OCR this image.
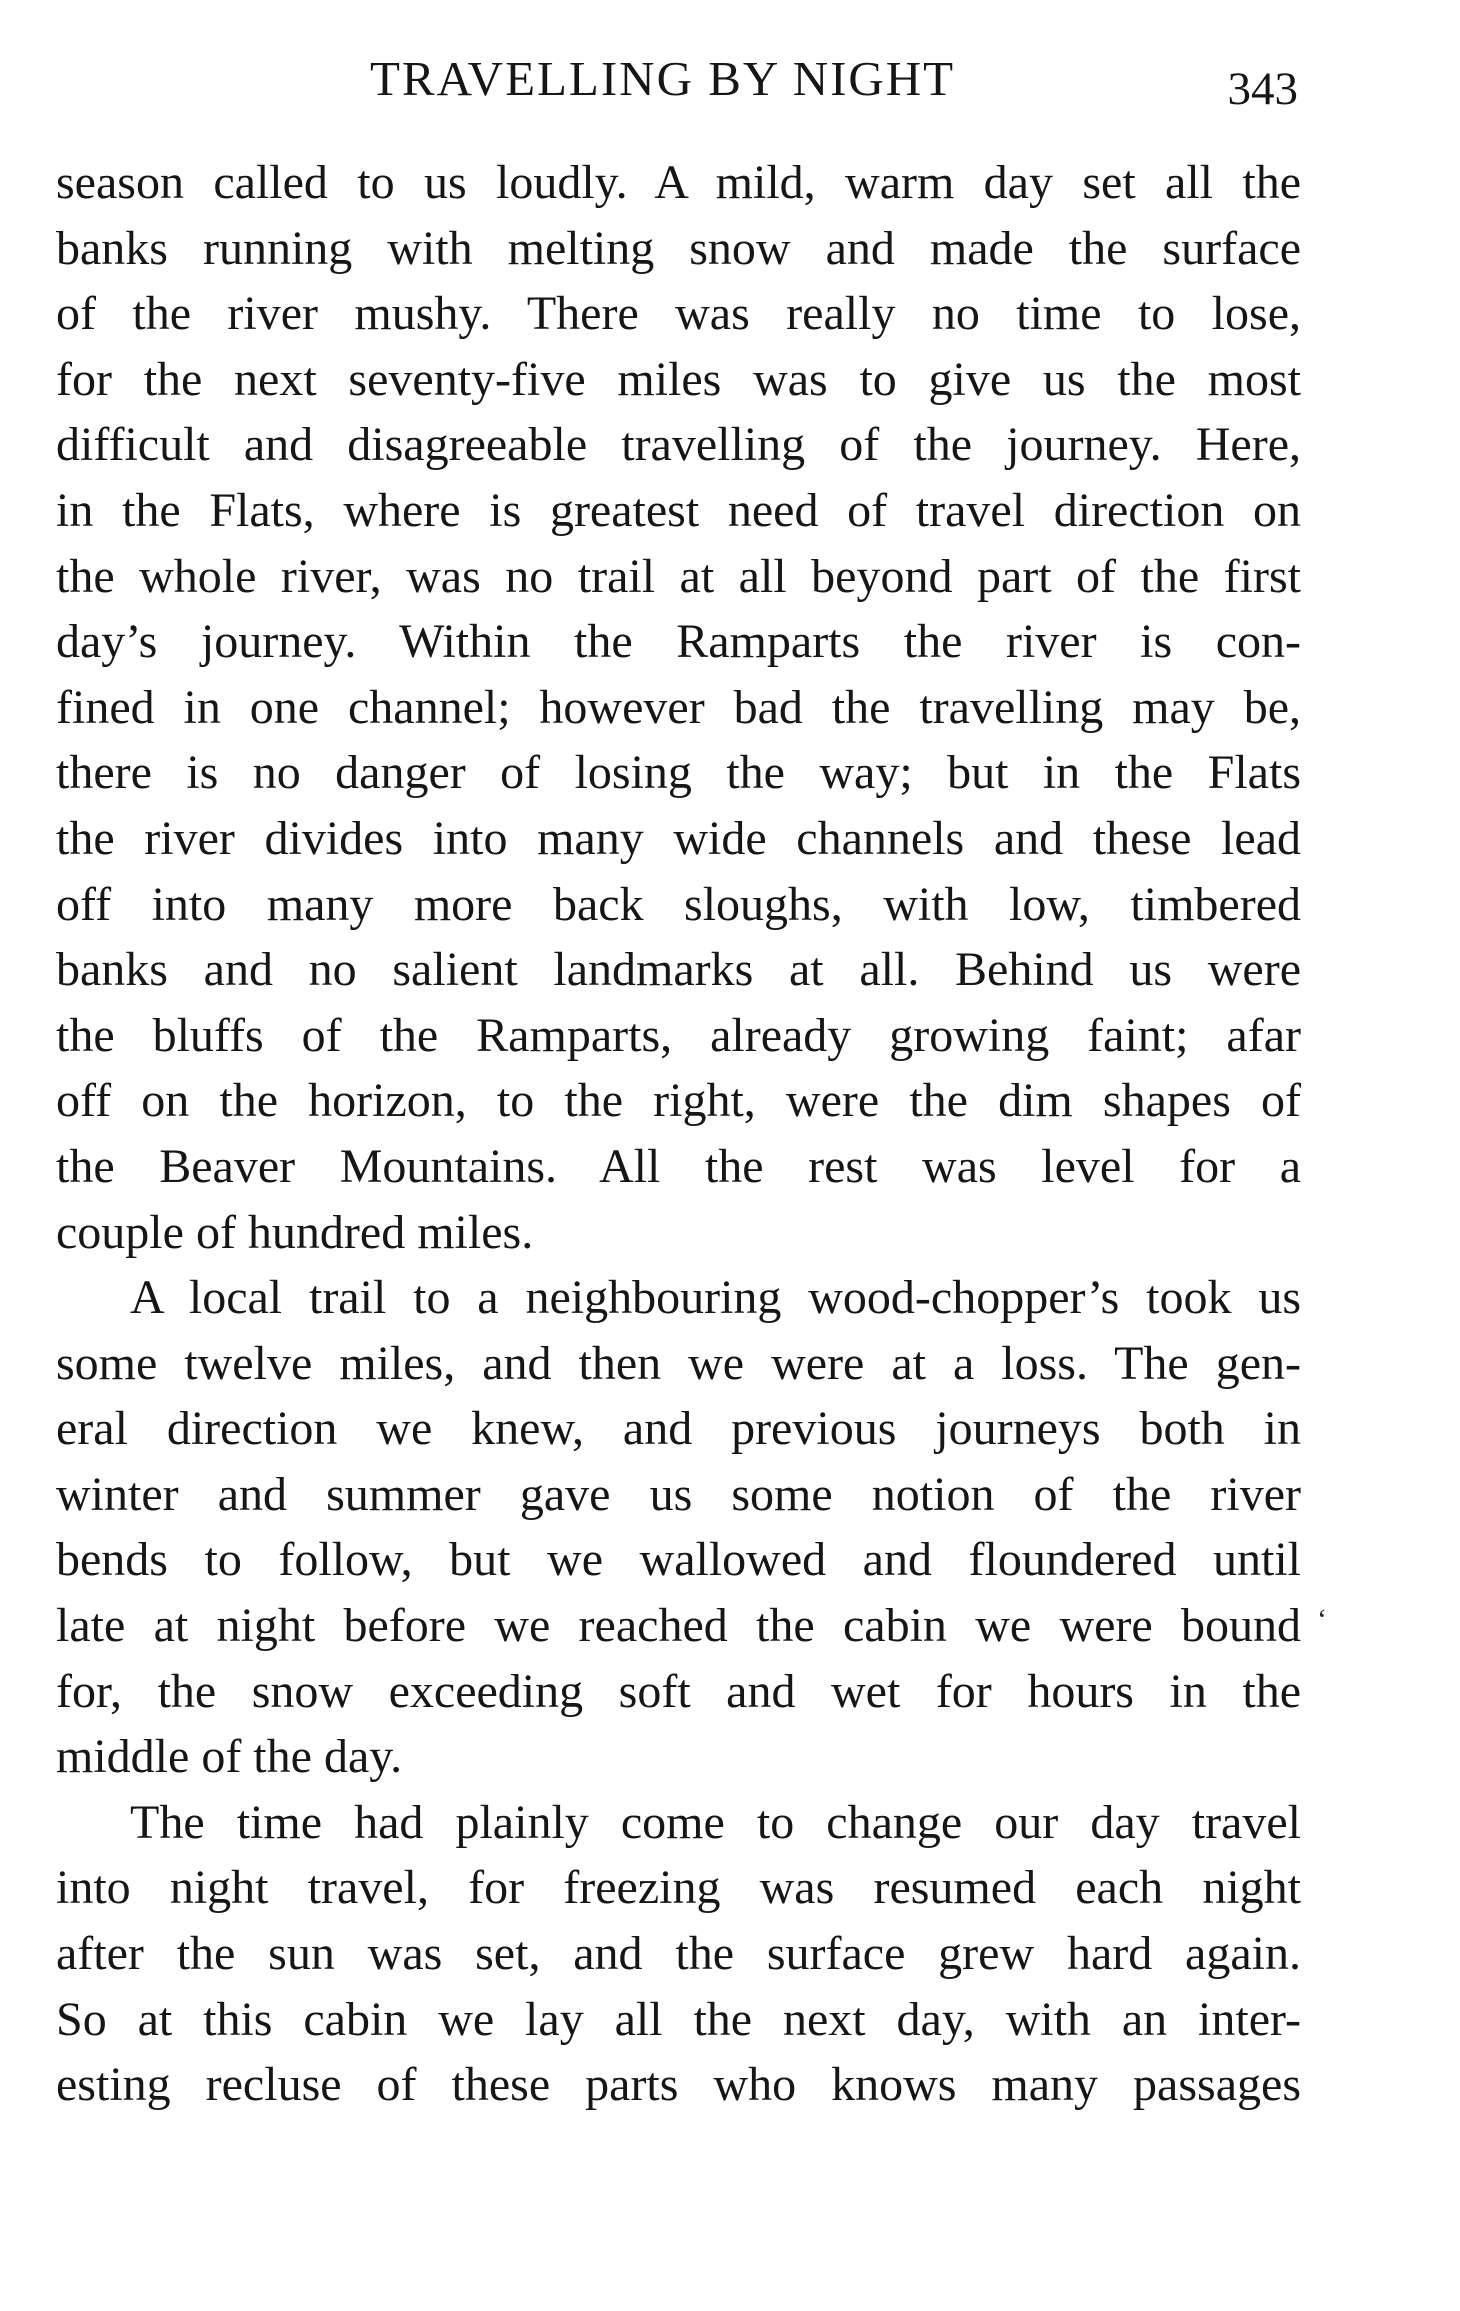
TRAVELLING BY NIGHT	343
season called to us loudly. A mild, warm day set all the
banks running with melting snow and made the surface
of the river mushy. There was really no time to lose,
for the next seventy-five miles was to give us the most
difficult and disagreeable travelling of the journey. Here,
in the Flats, where is greatest need of travel direction on
the whole river, was no trail at all beyond part of the first
day’s journey. Within the Ramparts the river is con-
fined in one channel; however bad the travelling may be,
there is no danger of losing the way; but in the Flats
the river divides into many wide channels and these lead
off into many more back sloughs, with low, timbered
banks and no salient landmarks at all. Behind us were
the bluffs of the Ramparts, already growing faint; afar
off on the horizon, to the right, were the dim shapes of
the Beaver Mountains. All the rest was level for a
couple of hundred miles.
A local trail to a neighbouring wood-chopper’s took us
some twelve miles, and then we were at a loss. The gen-
eral direction we knew, and previous journeys both in
winter and summer gave us some notion of the river
bends to follow, but we wallowed and floundered until
late at night before we reached the cabin we were bound
for, the snow exceeding soft and wet for hours in the
middle of the day.
The time had plainly come to change our day travel
into night travel, for freezing was resumed each night
after the sun was set, and the surface grew hard again.
So at this cabin we lay all the next day, with an inter-
esting recluse of these parts who knows many passages
‘
